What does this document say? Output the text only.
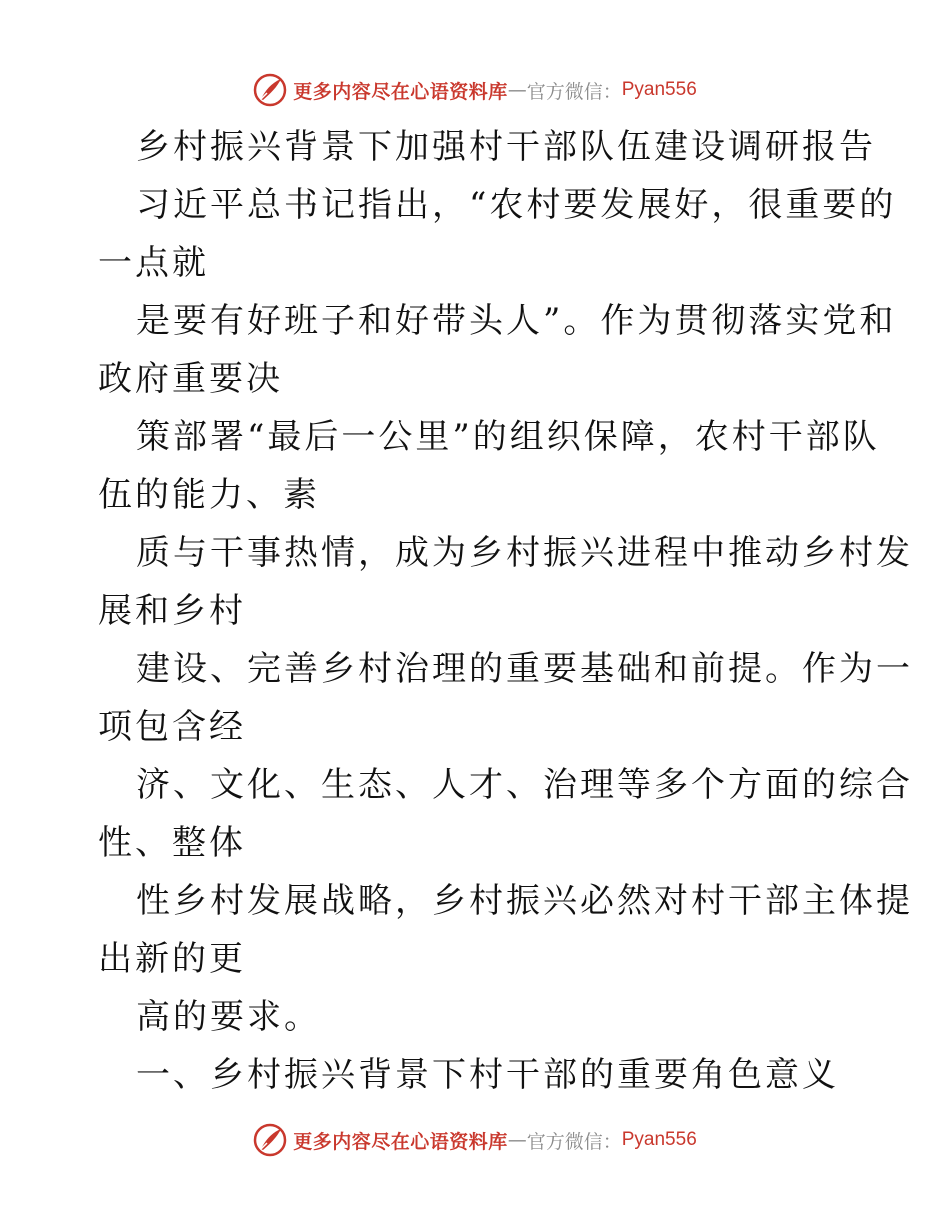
更多内容尽在心语资料库 — 官方微信： Pyan556
乡村振兴背景下加强村干部队伍建设调研报告
习近平总书记指出，“农村要发展好，很重要的
一点就
是要有好班子和好带头人”。作为贯彻落实党和
政府重要决
策部署“最后一公里”的组织保障，农村干部队
伍的能力、素
质与干事热情，成为乡村振兴进程中推动乡村发
展和乡村
建设、完善乡村治理的重要基础和前提。作为一
项包含经
济、文化、生态、人才、治理等多个方面的综合
性、整体
性乡村发展战略，乡村振兴必然对村干部主体提
出新的更
高的要求。
一、乡村振兴背景下村干部的重要角色意义
更多内容尽在心语资料库 — 官方微信： Pyan556
